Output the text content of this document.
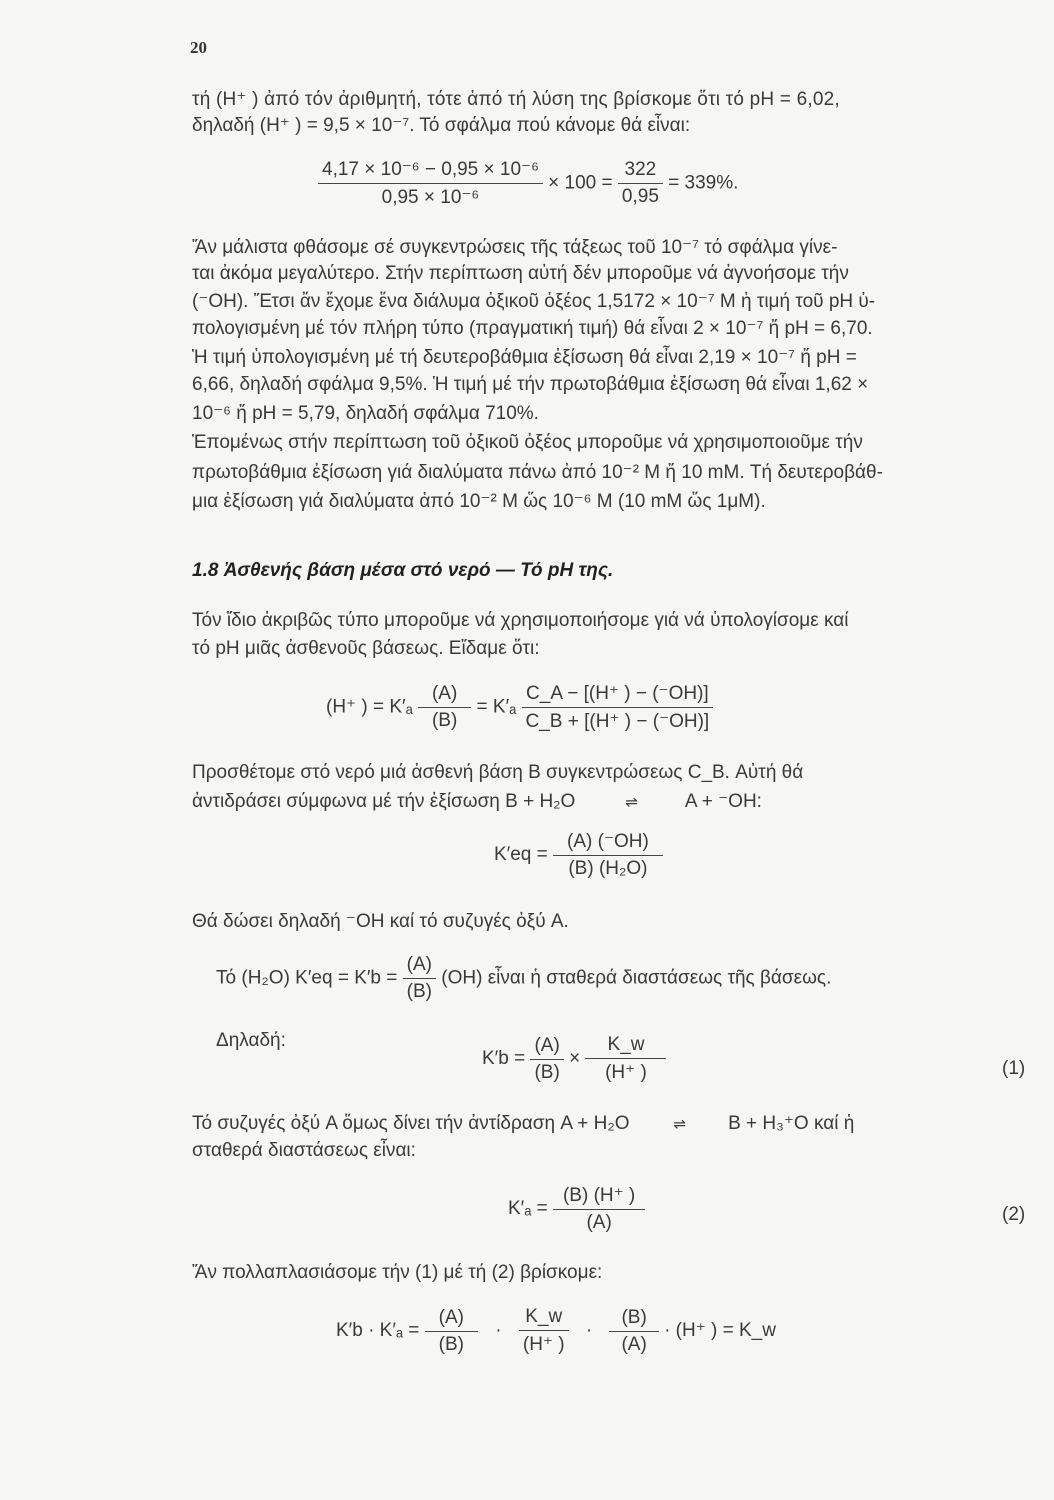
20
τή (H⁺ ) ἀπό τόν ἀριθμητή, τότε ἀπό τή λύση της βρίσκομε ὅτι τό pH = 6,02,
δηλαδή (H⁺ ) = 9,5 × 10⁻⁷. Τό σφάλμα πού κάνομε θά εἶναι:
$\frac{\text{4,17 × 10⁻⁶ − 0,95 × 10⁻⁶}}{\text{0,95 × 10⁻⁶}} \times 100 = \frac{322}{0,95} = 339\%$.
Ἄν μάλιστα φθάσομε σέ συγκεντρώσεις τῆς τάξεως τοῦ 10⁻⁷ τό σφάλμα γίνε-
ται ἀκόμα μεγαλύτερο. Στήν περίπτωση αὐτή δέν μποροῦμε νά ἀγνοήσομε τήν
(⁻OH). Ἔτσι ἄν ἔχομε ἕνα διάλυμα ὀξικοῦ ὀξέος 1,5172 × 10⁻⁷ M ἡ τιμή τοῦ pH ὑ-
πολογισμένη μέ τόν πλήρη τύπο (πραγματική τιμή) θά εἶναι 2 × 10⁻⁷ ἤ pH = 6,70.
Ἡ τιμή ὑπολογισμένη μέ τή δευτεροβάθμια ἐξίσωση θά εἶναι 2,19 × 10⁻⁷ ἤ pH =
6,66, δηλαδή σφάλμα 9,5%. Ἡ τιμή μέ τήν πρωτοβάθμια ἐξίσωση θά εἶναι 1,62 ×
10⁻⁶ ἤ pH = 5,79, δηλαδή σφάλμα 710%.
Ἑπομένως στήν περίπτωση τοῦ ὀξικοῦ ὀξέος μποροῦμε νά χρησιμοποιοῦμε τήν
πρωτοβάθμια ἐξίσωση γιά διαλύματα πάνω ἀπό 10⁻² M ἤ 10 mM. Τή δευτεροβάθ-
μια ἐξίσωση γιά διαλύματα ἀπό 10⁻² M ὥς 10⁻⁶ M (10 mM ὥς 1μM).
1.8 Ἀσθενής βάση μέσα στό νερό — Τό pH της.
Τόν ἴδιο ἀκριβῶς τύπο μποροῦμε νά χρησιμοποιήσομε γιά νά ὑπολογίσομε καί
τό pH μιᾶς ἀσθενοῦς βάσεως. Εἴδαμε ὅτι:
(H⁺ ) = $K'_a \frac{(A)}{(B)} = K'_a \frac{C\_A - [(H^+ ) - (^-OH)]}{C\_B + [(H^+ ) - (^-OH)]}$
Προσθέτομε στό νερό μιά ἀσθενή βάση B συγκεντρώσεως C_B. Αὐτή θά
ἀντιδράσει σύμφωνα μέ τήν ἐξίσωση B + H₂O	⇌	A + ⁻OH:
$K'eq = \frac{(A) (^-OH)}{\text{(B) (H₂O)}}$
Θά δώσει δηλαδή ⁻OH καί τό συζυγές ὀξύ A.
Τό (H₂O) $K'eq = K'b = \frac{(A)}{(B)} (OH)$ εἶναι ἡ σταθερά διαστάσεως τῆς βάσεως.
Δηλαδή:
$K'b = \frac{(A)}{(B)} \times \frac{K\_w}{(H^+ )}$	(1)
Τό συζυγές ὀξύ A ὅμως δίνει τήν ἀντίδραση A + H₂O	⇌ B + H₃⁺O καί ἡ
σταθερά διαστάσεως εἶναι:
$K'_a = \frac{(B) (H^+ )}{(A)}$	(2)
Ἄν πολλαπλασιάσομε τήν (1) μέ τή (2) βρίσκομε:
$K'b \cdot K'_a = \frac{(A)}{(B)} \cdot \frac{K\_w}{(H^+ )} \cdot \frac{(B)}{(A)} \cdot (H^+$ ) = K_w
